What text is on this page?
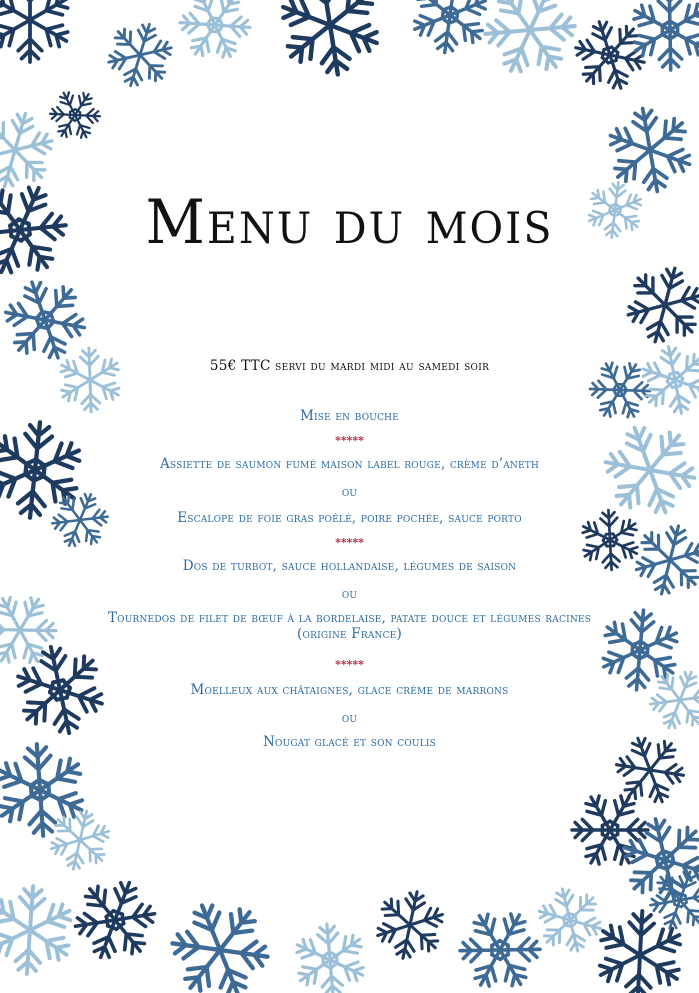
Menu du mois
55€ TTC servi du mardi midi au samedi soir
Mise en bouche
*****
Assiette de saumon fumé maison label rouge, crème d’aneth
ou
Escalope de foie gras poêlé, poire pochée, sauce porto
*****
Dos de turbot, sauce hollandaise, légumes de saison
ou
Tournedos de filet de bœuf à la bordelaise, patate douce et légumes racines (origine France)
*****
Moelleux aux châtaignes, glace crème de marrons
ou
Nougat glacé et son coulis
